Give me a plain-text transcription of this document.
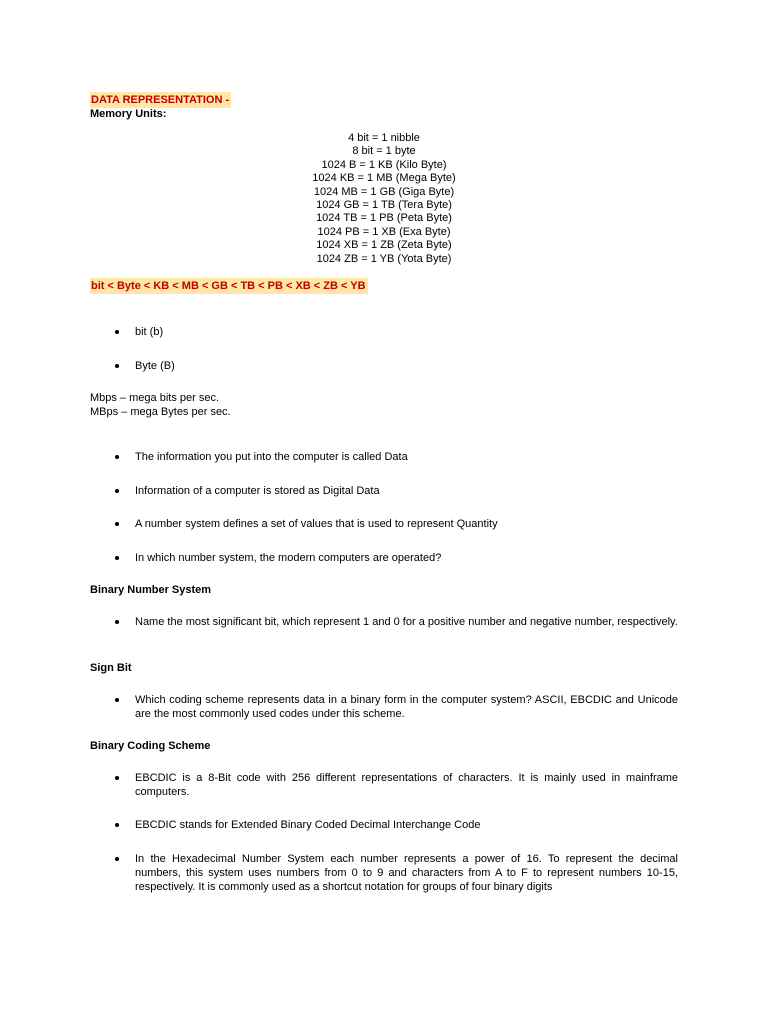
DATA REPRESENTATION -
Memory Units:
4 bit = 1 nibble
8 bit = 1 byte
1024 B = 1 KB (Kilo Byte)
1024 KB = 1 MB (Mega Byte)
1024 MB = 1 GB (Giga Byte)
1024 GB = 1 TB (Tera Byte)
1024 TB = 1 PB (Peta Byte)
1024 PB = 1 XB (Exa Byte)
1024 XB = 1 ZB (Zeta Byte)
1024 ZB = 1 YB (Yota Byte)
bit < Byte < KB < MB < GB < TB < PB < XB < ZB < YB
bit (b)
Byte (B)
Mbps – mega bits per sec.
MBps – mega Bytes per sec.
The information you put into the computer is called Data
Information of a computer is stored as Digital Data
A number system defines a set of values that is used to represent Quantity
In which number system, the modern computers are operated?
Binary Number System
Name the most significant bit, which represent 1 and 0 for a positive number and negative number, respectively.
Sign Bit
Which coding scheme represents data in a binary form in the computer system? ASCII, EBCDIC and Unicode are the most commonly used codes under this scheme.
Binary Coding Scheme
EBCDIC is a 8-Bit code with 256 different representations of characters. It is mainly used in mainframe computers.
EBCDIC stands for Extended Binary Coded Decimal Interchange Code
In the Hexadecimal Number System each number represents a power of 16. To represent the decimal numbers, this system uses numbers from 0 to 9 and characters from A to F to represent numbers 10-15, respectively. It is commonly used as a shortcut notation for groups of four binary digits
